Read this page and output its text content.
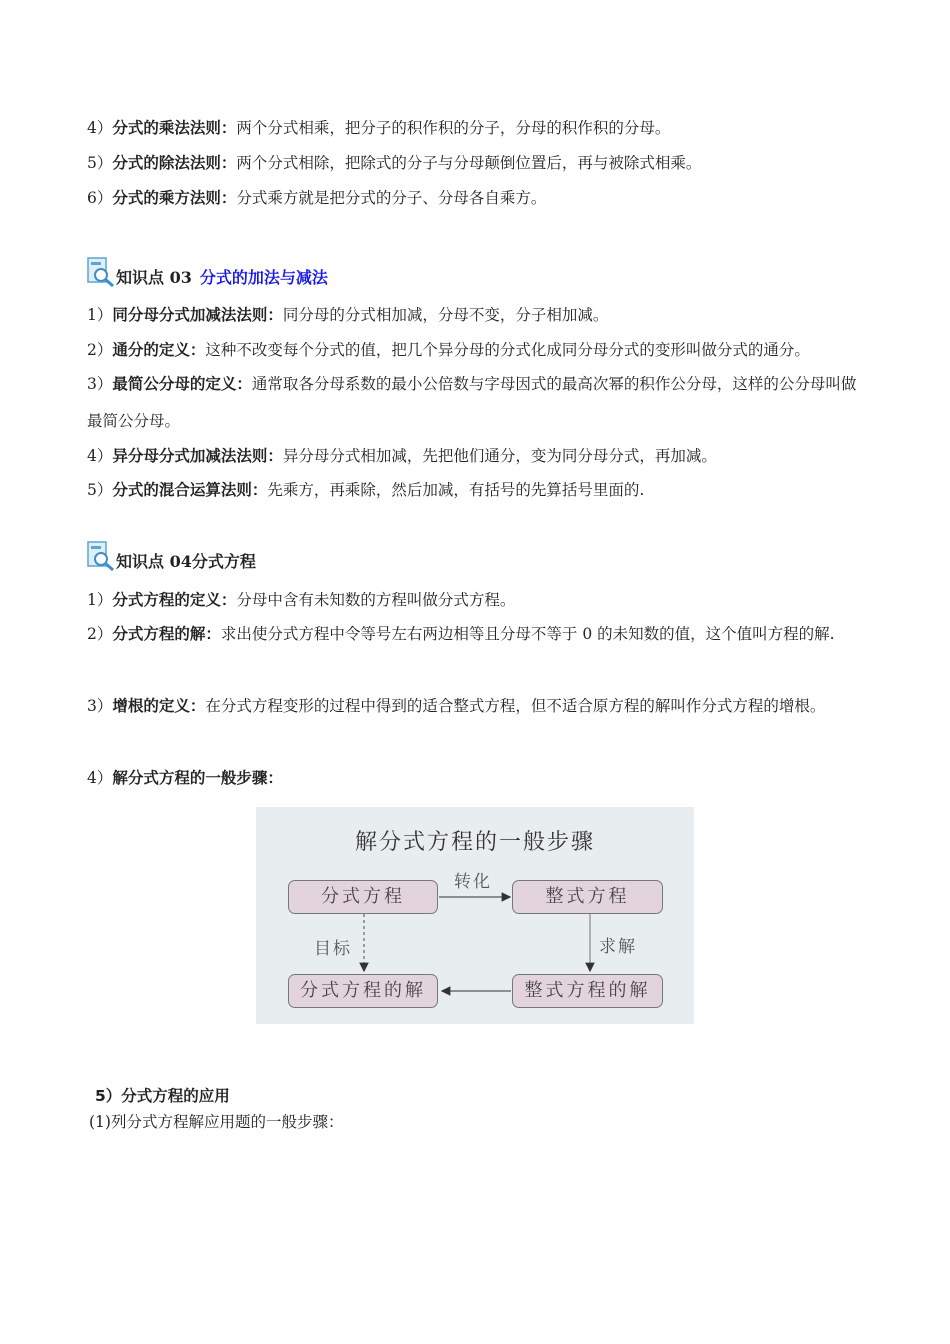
4）分式的乘法法则：两个分式相乘，把分子的积作积的分子，分母的积作积的分母。
5）分式的除法法则：两个分式相除，把除式的分子与分母颠倒位置后，再与被除式相乘。
6）分式的乘方法则：分式乘方就是把分式的分子、分母各自乘方。
知识点 03 分式的加法与减法
1）同分母分式加减法法则：同分母的分式相加减，分母不变，分子相加减。
2）通分的定义：这种不改变每个分式的值，把几个异分母的分式化成同分母分式的变形叫做分式的通分。
3）最简公分母的定义：通常取各分母系数的最小公倍数与字母因式的最高次幂的积作公分母，这样的公分母叫做最简公分母。
4）异分母分式加减法法则：异分母分式相加减，先把他们通分，变为同分母分式，再加减。
5）分式的混合运算法则：先乘方，再乘除，然后加减，有括号的先算括号里面的.
知识点 04 分式方程
1）分式方程的定义：分母中含有未知数的方程叫做分式方程。
2）分式方程的解：求出使分式方程中令等号左右两边相等且分母不等于 0 的未知数的值，这个值叫方程的解.
3）增根的定义：在分式方程变形的过程中得到的适合整式方程，但不适合原方程的解叫作分式方程的增根。
4）解分式方程的一般步骤：
解分式方程的一般步骤
分式方程	整式方程
分式方程的解	整式方程的解
转化
求解
目标
5）分式方程的应用
(1)列分式方程解应用题的一般步骤：
